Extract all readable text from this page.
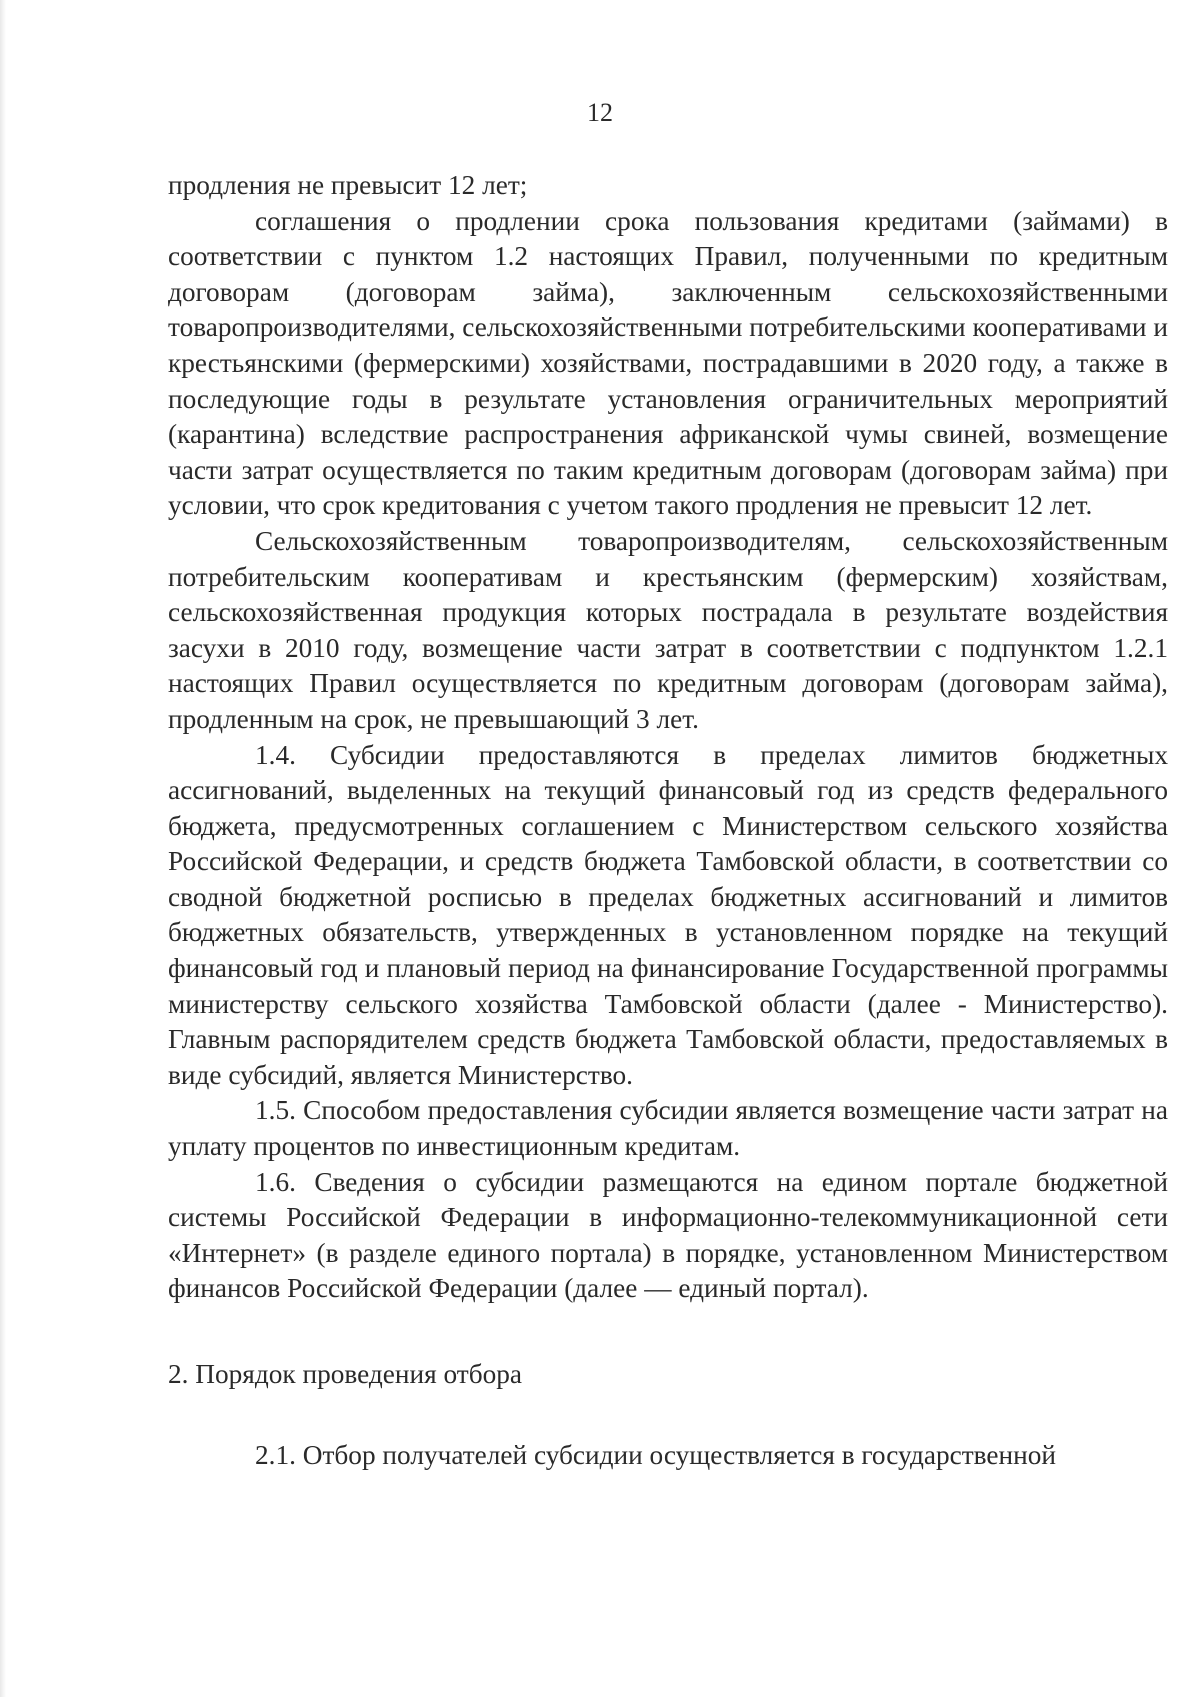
12

продления не превысит 12 лет;

соглашения о продлении срока пользования кредитами (займами) в соответствии с пунктом 1.2 настоящих Правил, полученными по кредитным договорам (договорам займа), заключенным сельскохозяйственными товаропроизводителями, сельскохозяйственными потребительскими кооперативами и крестьянскими (фермерскими) хозяйствами, пострадавшими в 2020 году, а также в последующие годы в результате установления ограничительных мероприятий (карантина) вследствие распространения африканской чумы свиней, возмещение части затрат осуществляется по таким кредитным договорам (договорам займа) при условии, что срок кредитования с учетом такого продления не превысит 12 лет.

Сельскохозяйственным товаропроизводителям, сельскохозяйственным потребительским кооперативам и крестьянским (фермерским) хозяйствам, сельскохозяйственная продукция которых пострадала в результате воздействия засухи в 2010 году, возмещение части затрат в соответствии с подпунктом 1.2.1 настоящих Правил осуществляется по кредитным договорам (договорам займа), продленным на срок, не превышающий 3 лет.

1.4. Субсидии предоставляются в пределах лимитов бюджетных ассигнований, выделенных на текущий финансовый год из средств федерального бюджета, предусмотренных соглашением с Министерством сельского хозяйства Российской Федерации, и средств бюджета Тамбовской области, в соответствии со сводной бюджетной росписью в пределах бюджетных ассигнований и лимитов бюджетных обязательств, утвержденных в установленном порядке на текущий финансовый год и плановый период на финансирование Государственной программы министерству сельского хозяйства Тамбовской области (далее - Министерство). Главным распорядителем средств бюджета Тамбовской области, предоставляемых в виде субсидий, является Министерство.

1.5. Способом предоставления субсидии является возмещение части затрат на уплату процентов по инвестиционным кредитам.

1.6. Сведения о субсидии размещаются на едином портале бюджетной системы Российской Федерации в информационно-телекоммуникационной сети «Интернет» (в разделе единого портала) в порядке, установленном Министерством финансов Российской Федерации (далее — единый портал).

2. Порядок проведения отбора

2.1. Отбор получателей субсидии осуществляется в государственной
